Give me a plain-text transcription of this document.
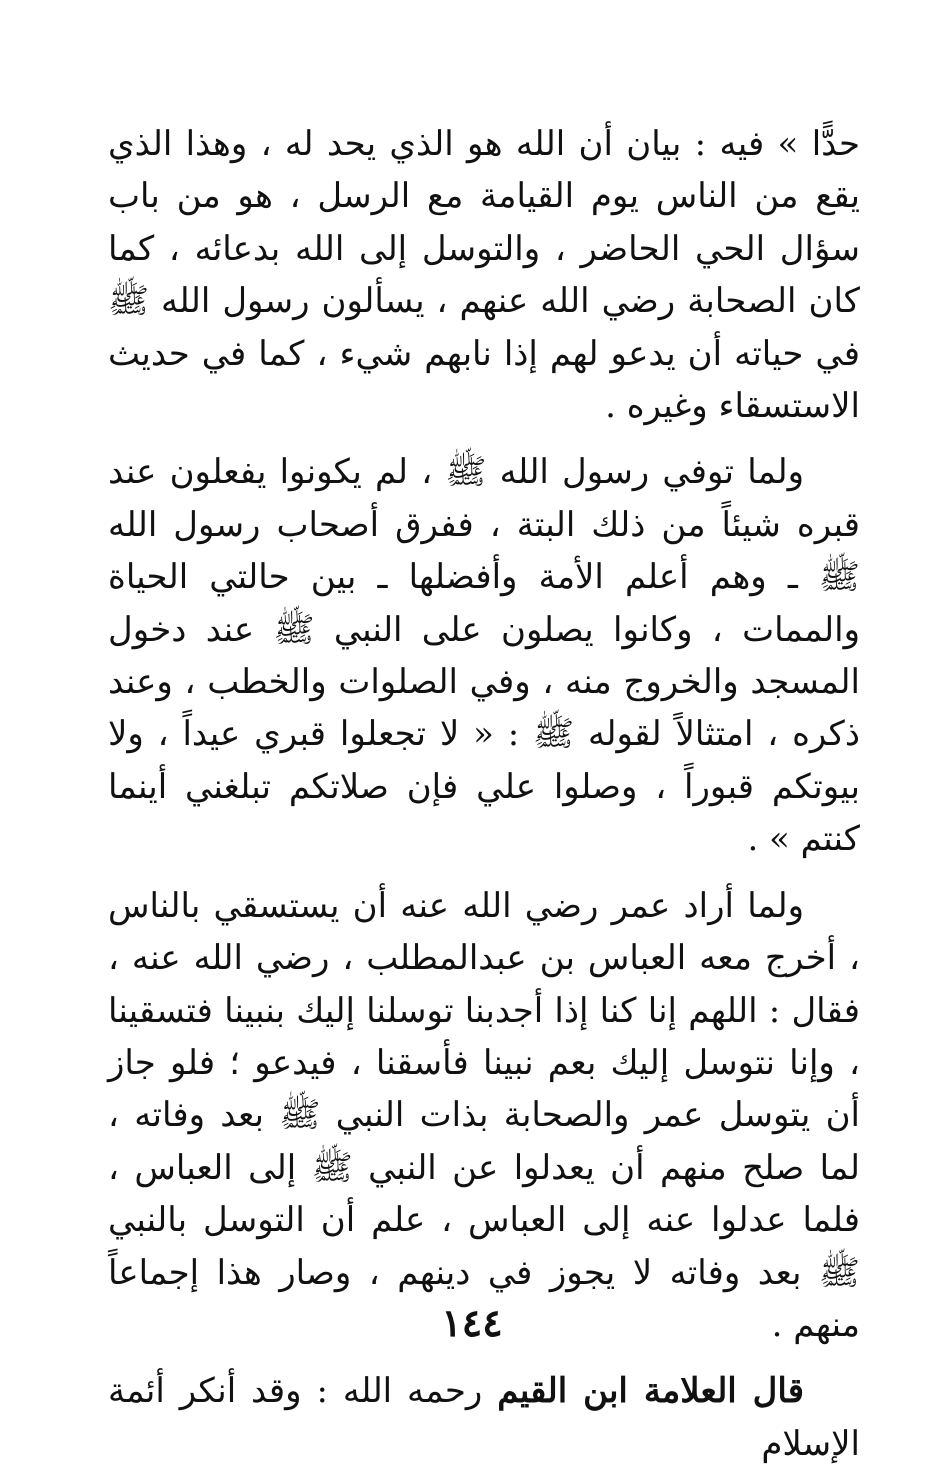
حدًّا » فيه : بيان أن الله هو الذي يحد له ، وهذا الذي يقع من الناس يوم القيامة مع الرسل ، هو من باب سؤال الحي الحاضر ، والتوسل إلى الله بدعائه ، كما كان الصحابة رضي الله عنهم ، يسألون رسول الله ﷺ في حياته أن يدعو لهم إذا نابهم شيء ، كما في حديث الاستسقاء وغيره .

ولما توفي رسول الله ﷺ ، لم يكونوا يفعلون عند قبره شيئاً من ذلك البتة ، ففرق أصحاب رسول الله ﷺ ـ وهم أعلم الأمة وأفضلها ـ بين حالتي الحياة والممات ، وكانوا يصلون على النبي ﷺ عند دخول المسجد والخروج منه ، وفي الصلوات والخطب ، وعند ذكره ، امتثالاً لقوله ﷺ : « لا تجعلوا قبري عيداً ، ولا بيوتكم قبوراً ، وصلوا علي فإن صلاتكم تبلغني أينما كنتم » .

ولما أراد عمر رضي الله عنه أن يستسقي بالناس ، أخرج معه العباس بن عبدالمطلب ، رضي الله عنه ، فقال : اللهم إنا كنا إذا أجدبنا توسلنا إليك بنبينا فتسقينا ، وإنا نتوسل إليك بعم نبينا فأسقنا ، فيدعو ؛ فلو جاز أن يتوسل عمر والصحابة بذات النبي ﷺ بعد وفاته ، لما صلح منهم أن يعدلوا عن النبي ﷺ إلى العباس ، فلما عدلوا عنه إلى العباس ، علم أن التوسل بالنبي ﷺ بعد وفاته لا يجوز في دينهم ، وصار هذا إجماعاً منهم .

قال العلامة ابن القيم رحمه الله : وقد أنكر أئمة الإسلام

١٤٤
